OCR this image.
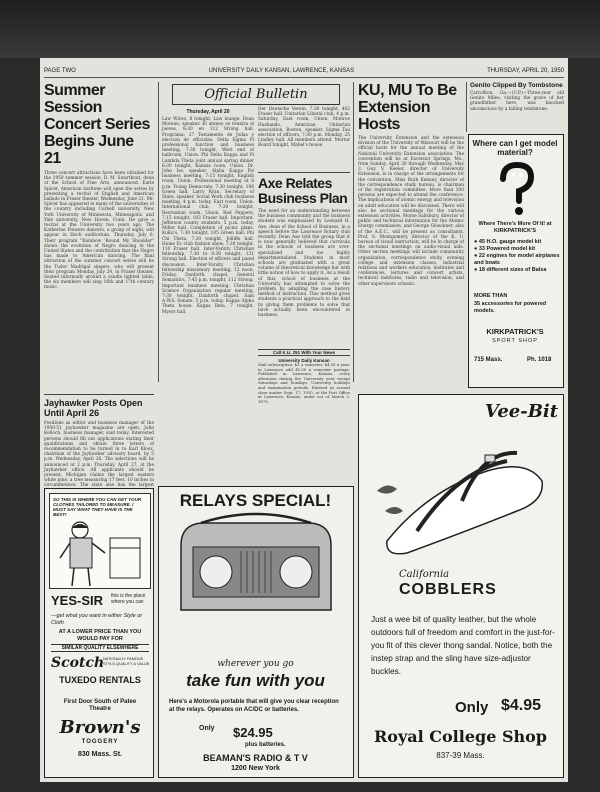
PAGE TWO	UNIVERSITY DAILY KANSAN, LAWRENCE, KANSAS	THURSDAY, APRIL 20, 1950
Summer Session Concert Series Begins June 21
Three concert attractions have been obtained for the 1950 summer session, D. M. Swarthout, dean of the School of Fine Arts, announced. Earle Spicer, American baritone will open the series by presenting a recital of English and American ballads in Fraser theater, Wednesday, June 21. Mr. Spicer has appeared in many of the universities of the country including Cornell university, New York University of Minnesota, Minneapolis, and Yale university, New Haven, Conn. He gave a recital at the University two years ago. The Katherine Flowers dancers, a group of eight, will appear in Hoch auditorium, Thursday, July 6. Their program "Rainbow 'Round My Shoulder" shows the evolution of Negro dancing in the United States and the contribution that the Negro has made to American dancing. The final attraction of the summer concert series will be the Tudor Madrigal singers, who will present their program Monday, July 24, in Fraser theater. Seated informally around a candle lighted table, the six members will sing 16th and 17th century music.
Jayhawker Posts Open Until April 26
Positions as editor and business manager of the 1950-51 Jayhawker magazine are open, John Kelloch, business manager, said today. Interested persons should fill out applications stating their qualifications and obtain three letters of recommendation to be turned in to Karl Klooz, chairman of the Jayhawker advisory board, by 5 p.m. Wednesday, April 26. The selections will be announced at 2 p.m. Thursday, April 27, at the Jayhawker office. All applicants should be present. Michigan claims the largest eastern white pine, a tree measuring 17 feet, 10 inches in circumference. The state also has the largest
SO THIS IS WHERE YOU CAN GET YOUR CLOTHES TAILORED TO MEASURE. I MUST SAY WHAT THEY HAVE IS THE BEST!
YES-SIR this is the place where you can
—get what you want in either Style or Cloth
AT A LOWER PRICE THAN YOU WOULD PAY FOR
SIMILAR QUALITY ELSEWHERE
Scotch
NATIONALLY FAMOUS
STYLE-QUALITY & VALUE
TUXEDO RENTALS
First Door South of Patee Theatre
Brown's
TOGGERY
830 Mass. St.
Official Bulletin
Thursday, April 20
Law Wives, 8 tonight, Law lounge. Dean Moreau, speaker. El ateneo se reunira el jueves, 8:30 en 112 Strong hall. Programa: 27 Testamento de Jodas y eleccion de officiales. Delta Sigma Pi professional function and business meeting, 7:30 tonight, West end of ballroom, Union. Phi Delta Kappa and Pi Lambda Theta joint annual spring dinner 6:30 tonight, Kansas room, Union. Dr. John Ise, speaker. Alpha Kappa Psi business meeting, 7:15 tonight, English room, Union. Professional meeting at 8 p.m. Young Democrats, 7:30 tonight, 106 Green hall. Larry Ryan, Secretary of State, speaker. Social Work club business meeting, 4 p.m. today, East room, Union. International club, 7:30 tonight, Recreation room, Union. Red Peppers, 7:15 tonight, 103 Fraser hall. Important. Jefferson county students, 5 p.m. today, Miller hall. Completion of picnic plans. KuKu's, 7:30 tonight, 105 Green hall. Phi Chi Theta, 7:30 tonight, Jolliffe hall. Home Ec club fashion show, 7:30 tonight, 110 Fraser hall. Inter-Varsity Christian fellowship, 7:30 to 9:30 tonight, 131 Strong hall. Election of officers and panel discussion. Inter-Varsity Christian fellowship missionary meeting, 12 noon, Friday, Danforth chapel. General Semantics, 7:45 p.m. tonight, 112 Strong. Important business meeting. Christian Science Organization regular meeting, 7:30 tonight, Danforth chapel. Sam A.W.S. Senate, 5 p.m. today, Kappa Alpha Theta house. Kappa Beta, 7 tonight, Myers hall.
Der Deutsche Verein, 7:30 tonight, 402 Fraser hall. Unitarian Liberal club, 4 p.m. Saturday, East room, Union. Monroe Husbands, American Unitarian association, Boston, speaker. Sigma Tau election of officers, 7:30 p.m. Monday, 25 Lindley hall. All members attend. Mortar Board tonight, Mabel's house.
Axe Relates Business Plan
The need for an understanding between the business community and the business student was emphasized by Leonard H. Axe, dean of the School of Business, in a speech before the Lawrence Rotary club recently. Dean Axe told the group that it is now generally believed that curricula in the schools of business are over-specialized and too highly departmentalized. Students in most schools are graduated with a great volume of theoretical knowledge but with little notion of how to apply it. As a result of this, school of business at the University has attempted to solve the problem by adopting the case history method of instruction. This method gives students a practical approach to the field by giving them problems to solve that have actually been encountered in business.
Call K.U. 251 With Your News
University Daily Kansan
Mail subscription, $3 a semester, $4.50 a year, in Lawrence add $1.00 a semester postage. Published in Lawrence, Kansas, every afternoon during the University year except Saturdays and Sundays. University holidays and examination periods. Entered as second class matter Sept. 17, 1910, at the Post Office at Lawrence, Kansas, under act of March 3, 1879.
RELAYS SPECIAL!
wherever you go
take fun with you
Here's a Motorola portable that will give you clear reception at the relays. Operates on AC/DC or batteries.
Only $24.95
plus batteries.
BEAMAN'S RADIO & T V
1200 New York
KU, MU To Be Extension Hosts
The University Extension and the extension division of the University of Missouri will be the official hosts for the annual meeting of the National University Extension association. The convention will be at Excelsior Springs, Mo., from Sunday, April 30 through Wednesday, May 3. Guy V. Keeler, director of University Extension, is in charge of the arrangements for the convention. Miss Ruth Kenney, director of the correspondence study bureau, is chairman of the registration committee. More than 300 persons are expected to attend the conference. The implications of atomic energy and television on adult education will be discussed. There will also be sectional meetings for the various extension activities. Morse Salisbury, director of public and technical information for the Atomic Energy commission, and George Gloeckner, also of the A.E.C., will be present as consultants. Prof. S. Montgomery, director of the K. U. bureau of visual instruction, will be in charge of the sectional meetings on audio-visual aids. Other section meetings will include community organization, correspondence study, evening college and extension classes, industrial relations and workers education, institutes and conferences, lectures and concert artists, technical institutes, radio and television, and other supervisors schools.
Genito Clipped By Tombstone
Carrollton, Ga.—(U.P.)—Three-year old Genito Miles, visiting the grave of her grandfather here, was knocked unconscious by a falling tombstone.
Where can I get model material?
Where There's More Of It! at KIRKPATRICK'S
● 45 H.O. gauge model kit
● 33 Powered model kit
● 22 engines for model airplanes and boats
● 18 different sizes of Balsa
MORE THAN
35 accessories for powered models.
KIRKPATRICK'S
SPORT SHOP
715 Mass.	Ph. 1018
Vee-Bit
California
COBBLERS
Just a wee bit of quality leather, but the whole outdoors full of freedom and comfort in the just-for-you fit of this clever thong sandal. Notice, both the instep strap and the sling have size-adjustor buckles.
Only $4.95
Royal College Shop
837-39 Mass.
